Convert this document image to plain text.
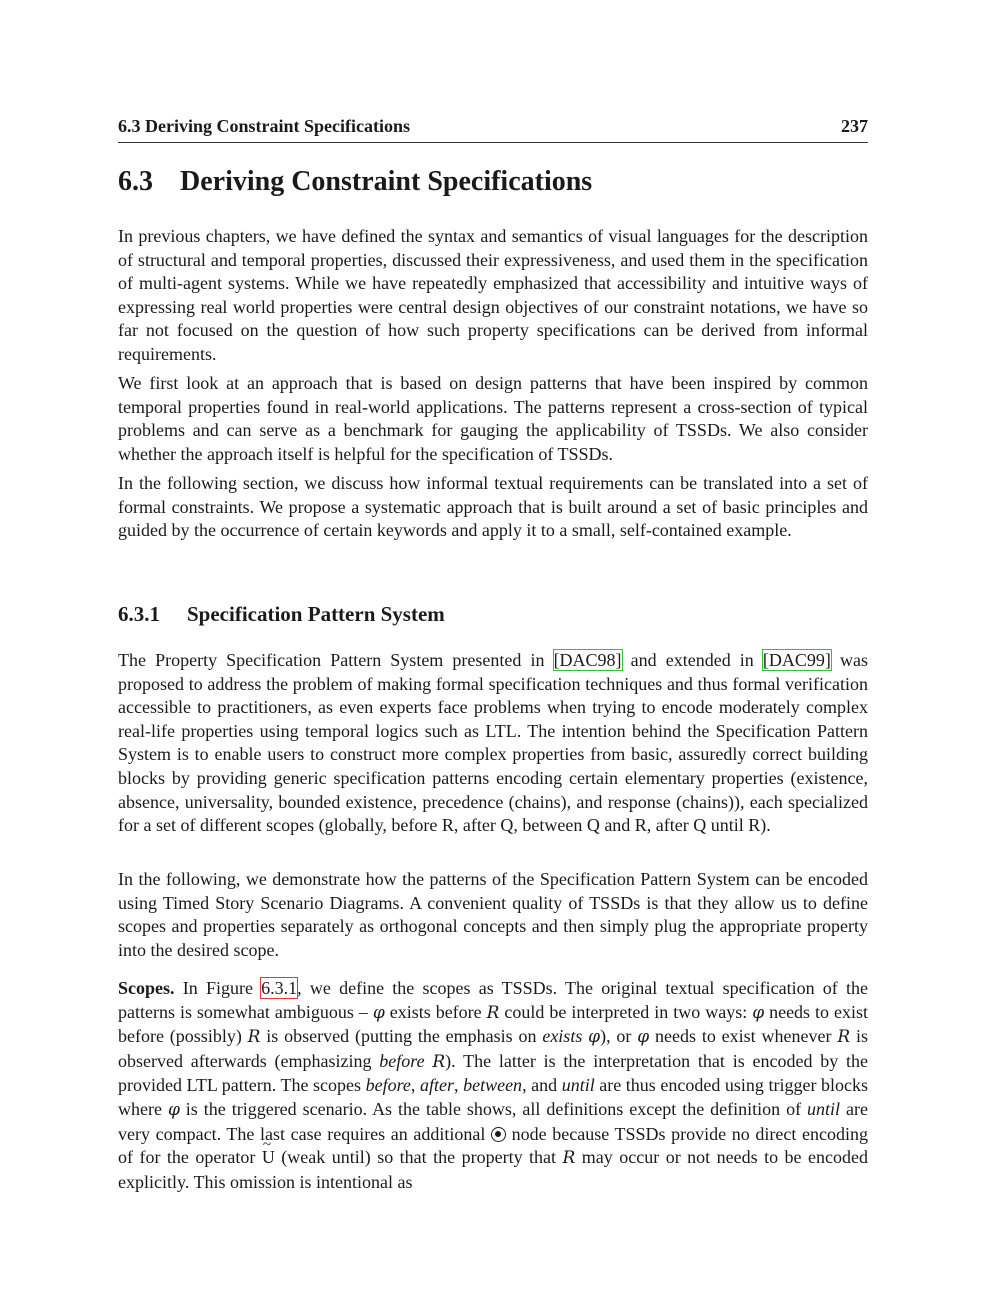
6.3 Deriving Constraint Specifications	237
6.3 Deriving Constraint Specifications

In previous chapters, we have defined the syntax and semantics of visual languages for the description of structural and temporal properties, discussed their expressiveness, and used them in the specification of multi-agent systems. While we have repeatedly emphasized that accessibility and intuitive ways of expressing real world properties were central design objectives of our constraint notations, we have so far not focused on the question of how such property specifications can be derived from informal requirements.

We first look at an approach that is based on design patterns that have been inspired by common temporal properties found in real-world applications. The patterns represent a cross-section of typical problems and can serve as a benchmark for gauging the applicability of TSSDs. We also consider whether the approach itself is helpful for the specification of TSSDs.

In the following section, we discuss how informal textual requirements can be translated into a set of formal constraints. We propose a systematic approach that is built around a set of basic principles and guided by the occurrence of certain keywords and apply it to a small, self-contained example.

6.3.1 Specification Pattern System

The Property Specification Pattern System presented in [DAC98] and extended in [DAC99] was proposed to address the problem of making formal specification techniques and thus formal verification accessible to practitioners, as even experts face problems when trying to encode moderately complex real-life properties using temporal logics such as LTL. The intention behind the Specification Pattern System is to enable users to construct more complex properties from basic, assuredly correct building blocks by providing generic specification patterns encoding certain elementary properties (existence, absence, universality, bounded existence, precedence (chains), and response (chains)), each specialized for a set of different scopes (globally, before R, after Q, between Q and R, after Q until R).

In the following, we demonstrate how the patterns of the Specification Pattern System can be encoded using Timed Story Scenario Diagrams. A convenient quality of TSSDs is that they allow us to define scopes and properties separately as orthogonal concepts and then simply plug the appropriate property into the desired scope.

Scopes. In Figure 6.3.1, we define the scopes as TSSDs. The original textual specification of the patterns is somewhat ambiguous – φ exists before R could be interpreted in two ways: φ needs to exist before (possibly) R is observed (putting the emphasis on exists φ), or φ needs to exist whenever R is observed afterwards (emphasizing before R). The latter is the interpretation that is encoded by the provided LTL pattern. The scopes before, after, between, and until are thus encoded using trigger blocks where φ is the triggered scenario. As the table shows, all definitions except the definition of until are very compact. The last case requires an additional  node because TSSDs provide no direct encoding of for the operator ~ U (weak until) so that the property that R may occur or not needs to be encoded explicitly. This omission is intentional as
